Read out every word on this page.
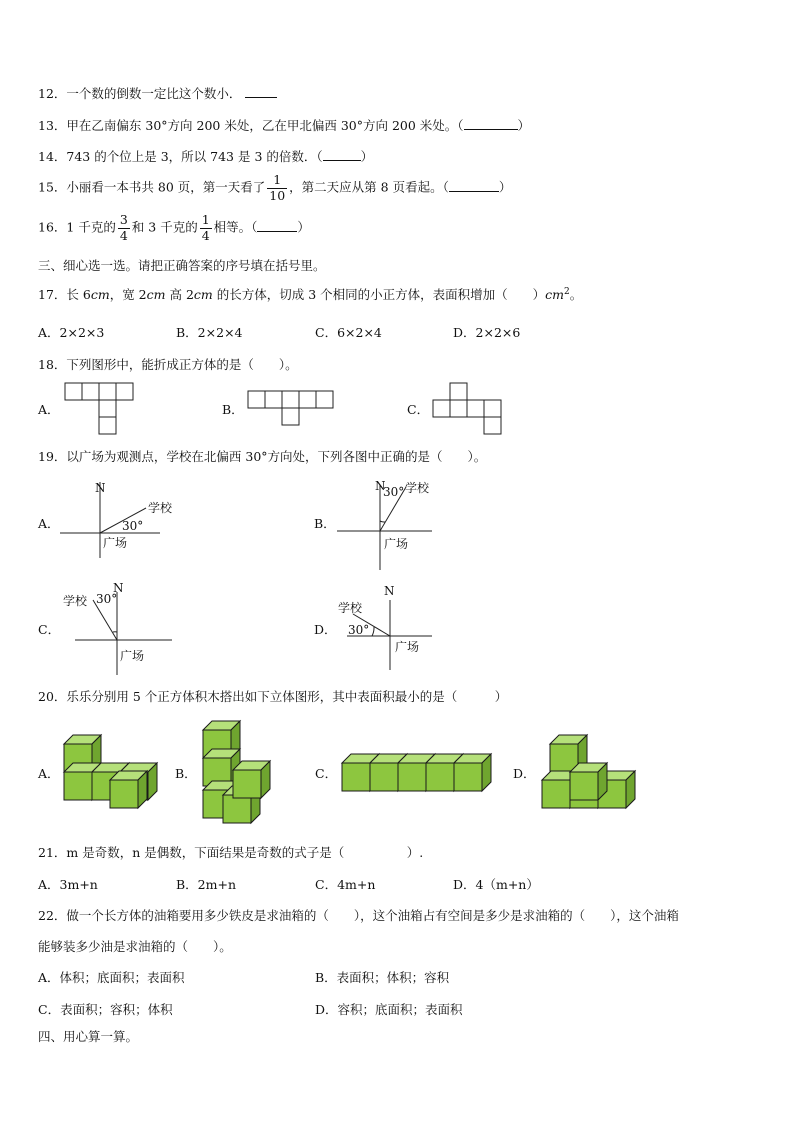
12．一个数的倒数一定比这个数小．
13．甲在乙南偏东 30°方向 200 米处，乙在甲北偏西 30°方向 200 米处。（	）
14．743 的个位上是 3，所以 743 是 3 的倍数．（	）
15．小丽看一本书共 80 页，第一天看了 $\frac{1}{10}$ ，第二天应从第 8 页看起。（	）
16．1 千克的 $\frac{3}{4}$ 和 3 千克的 $\frac{1}{4}$ 相等。（	）
三、细心选一选。请把正确答案的序号填在括号里。
17．长 6cm，宽 2cm 高 2cm 的长方体，切成 3 个相同的小正方体，表面积增加（　　）$cm^2$。
A．2×2×3	B．2×2×4	C．6×2×4	D．2×2×6
18．下列图形中，能折成正方体的是（　　）。
A．	B．	C．
19．以广场为观测点，学校在北偏西 30°方向处，下列各图中正确的是（　　）。
A．	B．
C．	D．
N
学校
30°
广场
N
30° 学校
广场
N
学校 30°
广场
N
学校
30°
广场
20．乐乐分别用 5 个正方体积木搭出如下立体图形，其中表面积最小的是（　　　）
A．	B．	C．	D．
21．m 是奇数，n 是偶数，下面结果是奇数的式子是（　　　　　）.
A．3m+n	B．2m+n	C．4m+n	D．4（m+n）
22．做一个长方体的油箱要用多少铁皮是求油箱的（　　），这个油箱占有空间是多少是求油箱的（　　），这个油箱
能够装多少油是求油箱的（　　）。
A．体积；底面积；表面积	B．表面积；体积；容积
C．表面积；容积；体积	D．容积；底面积；表面积
四、用心算一算。
